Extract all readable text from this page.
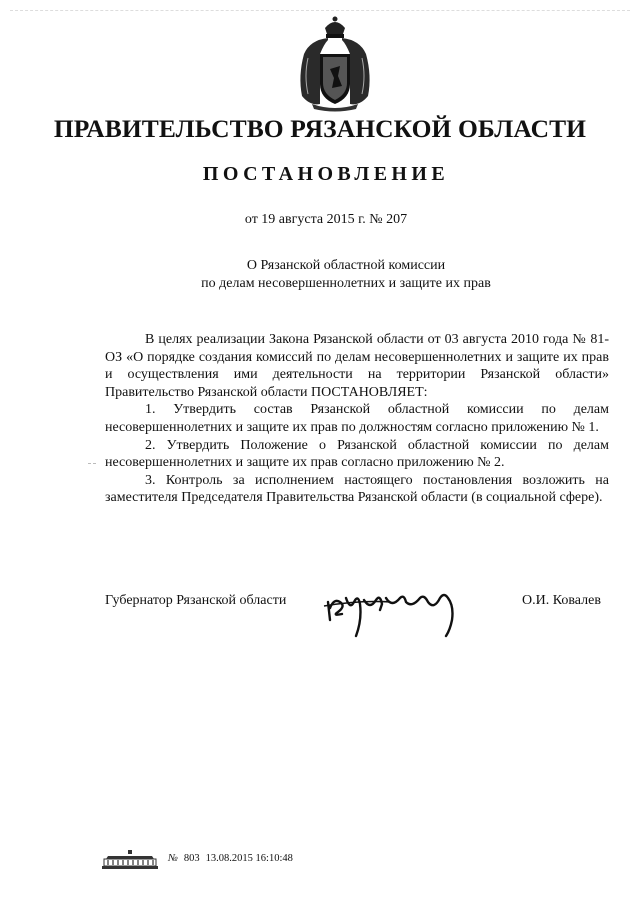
ПРАВИТЕЛЬСТВО РЯЗАНСКОЙ ОБЛАСТИ
ПОСТАНОВЛЕНИЕ
от 19 августа 2015 г. № 207
О Рязанской областной комиссии
по делам несовершеннолетних и защите их прав

В целях реализации Закона Рязанской области от 03 августа 2010 года № 81-ОЗ «О порядке создания комиссий по делам несовершеннолетних и защите их прав и осуществления ими деятельности на территории Рязанской области» Правительство Рязанской области ПОСТАНОВЛЯЕТ:

1. Утвердить состав Рязанской областной комиссии по делам несовершеннолетних и защите их прав по должностям согласно приложению № 1.

2. Утвердить Положение о Рязанской областной комиссии по делам несовершеннолетних и защите их прав согласно приложению № 2.

3. Контроль за исполнением настоящего постановления возложить на заместителя Председателя Правительства Рязанской области (в социальной сфере).

Губернатор Рязанской области	О.И. Ковалев
№ 803 13.08.2015 16:10:48
